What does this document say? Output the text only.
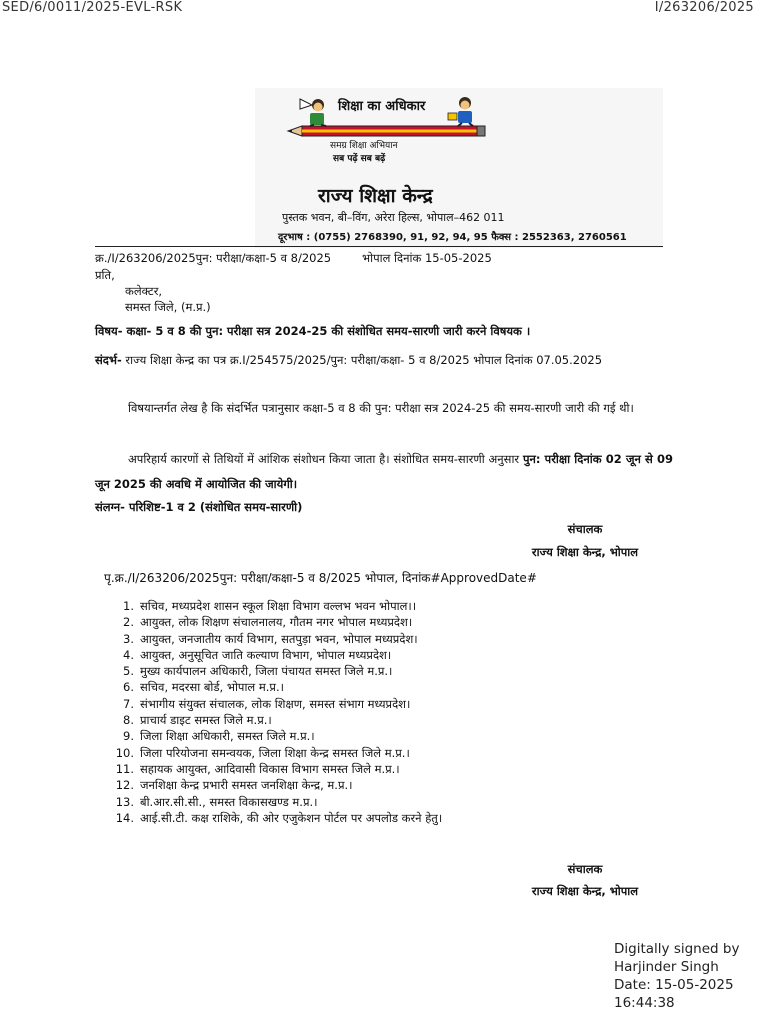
SED/6/0011/2025-EVL-RSK	I/263206/2025
शिक्षा का अधिकार
समग्र शिक्षा अभियान
सब पढ़ें सब बढ़ें
राज्य शिक्षा केन्द्र
पुस्तक भवन, बी–विंग, अरेरा हिल्स, भोपाल–462 011
दूरभाष : (0755) 2768390, 91, 92, 94, 95 फैक्स : 2552363, 2760561
क्र./I/263206/2025पुन: परीक्षा/कक्षा-5 व 8/2025	भोपाल दिनांक 15-05-2025
प्रति,
कलेक्टर,
समस्त जिले, (म.प्र.)
विषय- कक्षा- 5 व 8 की पुन: परीक्षा सत्र 2024-25 की संशोधित समय-सारणी जारी करने विषयक ।
संदर्भ- राज्य शिक्षा केन्द्र का पत्र क्र.I/254575/2025/पुन: परीक्षा/कक्षा- 5 व 8/2025 भोपाल दिनांक 07.05.2025
विषयान्तर्गत लेख है कि संदर्भित पत्रानुसार कक्षा-5 व 8 की पुन: परीक्षा सत्र 2024-25 की समय-सारणी जारी की गई थी।
अपरिहार्य कारणों से तिथियों में आंशिक संशोधन किया जाता है। संशोधित समय-सारणी अनुसार पुन: परीक्षा दिनांक 02 जून से 09 जून 2025 की अवधि में आयोजित की जायेगी।
संलग्न- परिशिष्ट-1 व 2 (संशोधित समय-सारणी)
संचालक
राज्य शिक्षा केन्द्र, भोपाल
पृ.क्र./I/263206/2025पुन: परीक्षा/कक्षा-5 व 8/2025 भोपाल, दिनांक#ApprovedDate#
1. सचिव, मध्यप्रदेश शासन स्कूल शिक्षा विभाग वल्लभ भवन भोपाल।।
2. आयुक्त, लोक शिक्षण संचालनालय, गौतम नगर भोपाल मध्यप्रदेश।
3. आयुक्त, जनजातीय कार्य विभाग, सतपुड़ा भवन, भोपाल मध्यप्रदेश।
4. आयुक्त, अनुसूचित जाति कल्याण विभाग, भोपाल मध्यप्रदेश।
5. मुख्य कार्यपालन अधिकारी, जिला पंचायत समस्त जिले म.प्र.।
6. सचिव, मदरसा बोर्ड, भोपाल म.प्र.।
7. संभागीय संयुक्त संचालक, लोक शिक्षण, समस्त संभाग मध्यप्रदेश।
8. प्राचार्य डाइट समस्त जिले म.प्र.।
9. जिला शिक्षा अधिकारी, समस्त जिले म.प्र.।
10. जिला परियोजना समन्वयक, जिला शिक्षा केन्द्र समस्त जिले म.प्र.।
11. सहायक आयुक्त, आदिवासी विकास विभाग समस्त जिले म.प्र.।
12. जनशिक्षा केन्द्र प्रभारी समस्त जनशिक्षा केन्द्र, म.प्र.।
13. बी.आर.सी.सी., समस्त विकासखण्ड म.प्र.।
14. आई.सी.टी. कक्ष राशिके, की ओर एजुकेशन पोर्टल पर अपलोड करने हेतु।
संचालक
राज्य शिक्षा केन्द्र, भोपाल
Digitally signed by
Harjinder Singh
Date: 15-05-2025
16:44:38
